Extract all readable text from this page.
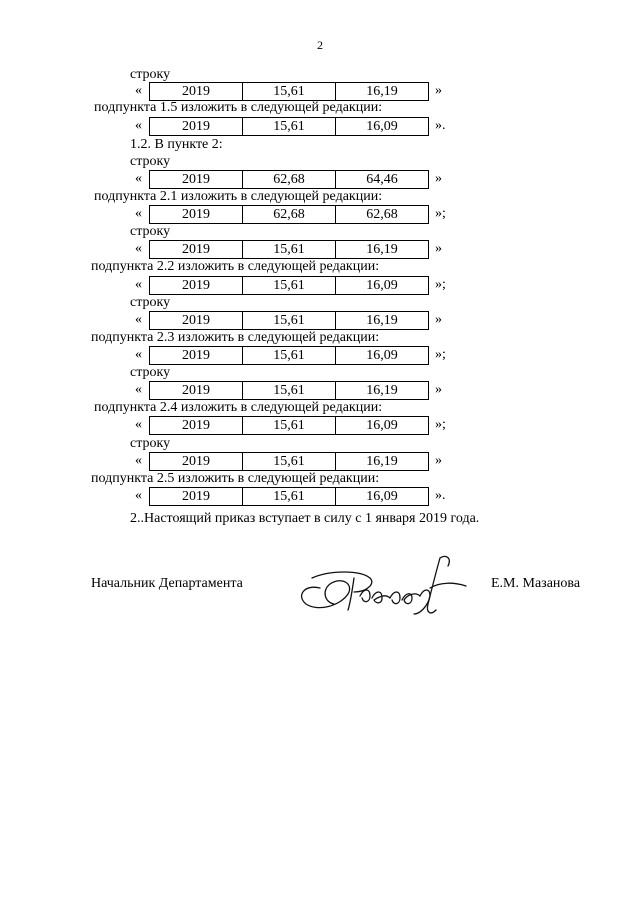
2
строку
«	2019	15,61	16,19	»
подпункта 1.5 изложить в следующей редакции:
«	2019	15,61	16,09	».
1.2. В пункте 2:
строку
«	2019	62,68	64,46	»
подпункта 2.1 изложить в следующей редакции:
«	2019	62,68	62,68	»;
строку
«	2019	15,61	16,19	»
подпункта 2.2 изложить в следующей редакции:
«	2019	15,61	16,09	»;
строку
«	2019	15,61	16,19	»
подпункта 2.3 изложить в следующей редакции:
«	2019	15,61	16,09	»;
строку
«	2019	15,61	16,19	»
подпункта 2.4 изложить в следующей редакции:
«	2019	15,61	16,09	»;
строку
«	2019	15,61	16,19	»
подпункта 2.5 изложить в следующей редакции:
«	2019	15,61	16,09	».
2..Настоящий приказ вступает в силу с 1 января 2019 года.
Начальник Департамента	Е.М. Мазанова
